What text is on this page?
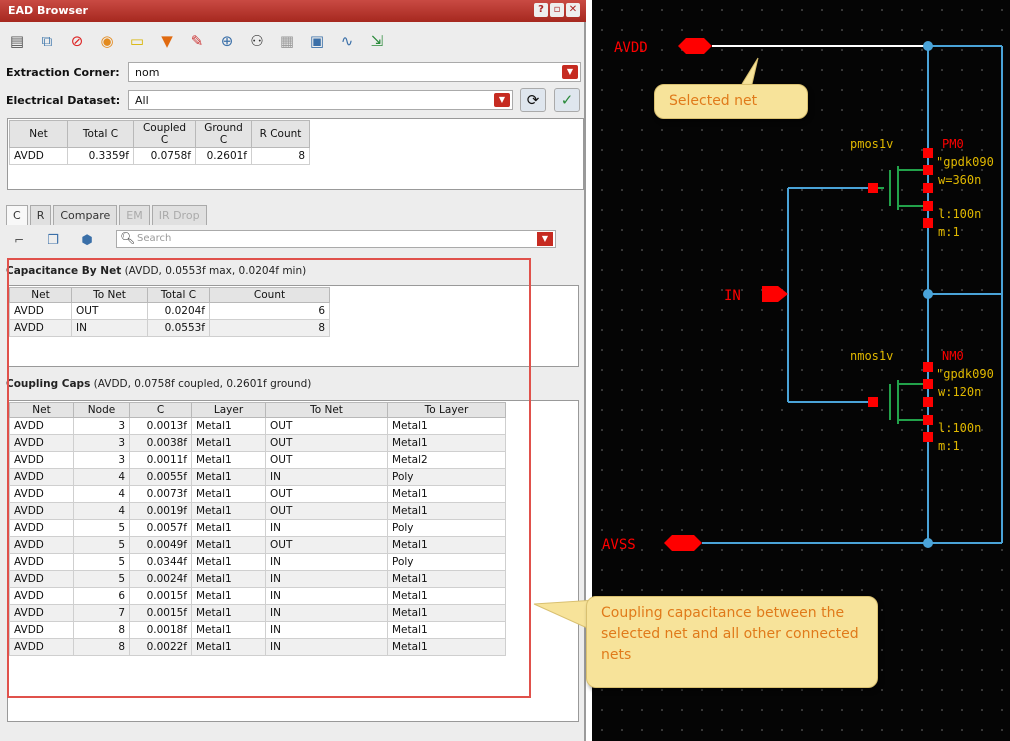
EAD Browser	? ▫ ✕
▤	⧉	⊘	◉	▭	▼	✎	⊕	⚇	▦	▣	∿	⇲
Extraction Corner:	nom	▼
Electrical Dataset:	All	▼	⟳	✓
Net	Total C	Coupled C	Ground C	R Count
AVDD	0.3359f	0.0758f	0.2601f	8
C	R	Compare	EM	IR Drop
⌐	❐	⬢	🔍︎ Search	▼
Capacitance By Net (AVDD, 0.0553f max, 0.0204f min)
Net	To Net	Total C	Count
AVDD	OUT	0.0204f	6
AVDD	IN	0.0553f	8
Coupling Caps (AVDD, 0.0758f coupled, 0.2601f ground)
Net	Node	C	Layer	To Net	To Layer
AVDD	3	0.0013f	Metal1	OUT	Metal1
AVDD	3	0.0038f	Metal1	OUT	Metal1
AVDD	3	0.0011f	Metal1	OUT	Metal2
AVDD	4	0.0055f	Metal1	IN	Poly
AVDD	4	0.0073f	Metal1	OUT	Metal1
AVDD	4	0.0019f	Metal1	OUT	Metal1
AVDD	5	0.0057f	Metal1	IN	Poly
AVDD	5	0.0049f	Metal1	OUT	Metal1
AVDD	5	0.0344f	Metal1	IN	Poly
AVDD	5	0.0024f	Metal1	IN	Metal1
AVDD	6	0.0015f	Metal1	IN	Metal1
AVDD	7	0.0015f	Metal1	IN	Metal1
AVDD	8	0.0018f	Metal1	IN	Metal1
AVDD	8	0.0022f	Metal1	IN	Metal1
AVDD
IN
AVSS
pmos1v	PM0
"gpdk090
w=360n
l:100n
m:1
nmos1v	NM0
"gpdk090
w:120n
l:100n
m:1
Selected net
Coupling capacitance between the selected net and all other connected nets
